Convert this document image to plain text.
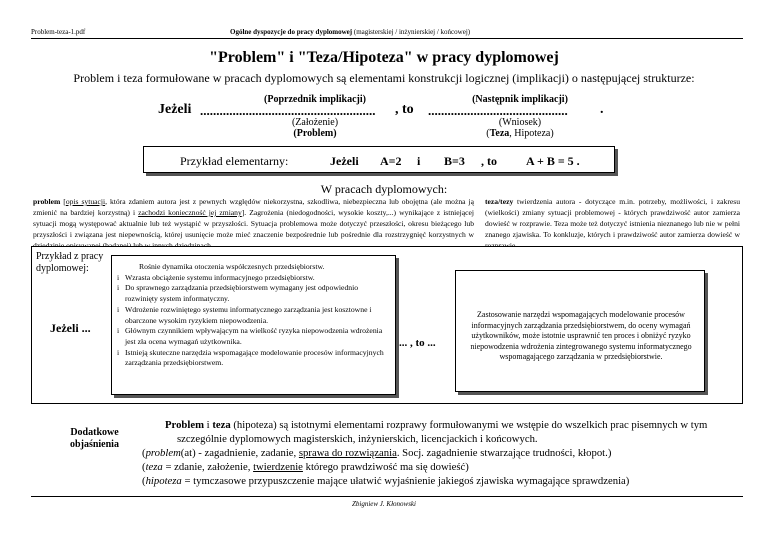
Problem-teza-1.pdf	Ogólne dyspozycje do pracy dyplomowej (magisterskiej / inżynierskiej / końcowej)
"Problem" i "Teza/Hipoteza" w pracy dyplomowej
Problem i teza formułowane w pracach dyplomowych są elementami konstrukcji logicznej (implikacji) o następującej strukturze:
(Poprzednik implikacji)	(Następnik implikacji)
Jeżeli ......................................................	, to ...........................................	.
(Założenie)
(Problem)
(Wniosek)
(Teza, Hipoteza)
Przykład elementarny:	Jeżeli A=2 i B=3 , to A + B = 5 .
W pracach dyplomowych:
problem [opis sytuacji, która zdaniem autora jest z pewnych względów niekorzystna, szkodliwa, niebezpieczna lub obojętna (ale można ją zmienić na bardziej korzystną) i zachodzi konieczność jej zmiany]. Zagrożenia (niedogodności, wysokie koszty,...) wynikające z istniejącej sytuacji mogą występować aktualnie lub też wystąpić w przyszłości. Sytuacja problemowa może dotyczyć przeszłości, okresu bieżącego lub przyszłości i związana jest niepewnością, której usunięcie może mieć znaczenie bezpośrednie lub pośrednie dla rozstrzygnięć korzystnych w
teza/tezy twierdzenia autora - dotyczące m.in. potrzeby, możliwości, i zakresu (wielkości) zmiany sytuacji problemowej - których prawdziwość autor zamierza dowieść w rozprawie. Teza może też dotyczyć istnienia nieznanego lub nie w pełni znanego zjawiska. To konkluzje, których i prawdziwość autor zamierza dowieść w
Przykład z pracy dyplomowej:
Jeżeli ...
Rośnie dynamika otoczenia współczesnych przedsiębiorstw.
i Wzrasta obciążenie systemu informacyjnego przedsiębiorstw.
i Do sprawnego zarządzania przedsiębiorstwem wymagany jest odpowiednio rozwinięty system informatyczny.
i Wdrożenie rozwiniętego systemu informatycznego zarządzania jest kosztowne i obarczone wysokim ryzykiem niepowodzenia.
i Głównym czynnikiem wpływającym na wielkość ryzyka niepowodzenia wdrożenia jest zła ocena wymagań użytkownika.
i Istnieją skuteczne narzędzia wspomagające modelowanie procesów informacyjnych zarządzania przedsiębiorstwem.
... , to ...
Zastosowanie narzędzi wspomagających modelowanie procesów informacyjnych zarządzania przedsiębiorstwem, do oceny wymagań użytkowników, może istotnie usprawnić ten proces i obniżyć ryzyko niepowodzenia wdrożenia zintegrowanego systemu informatycznego wspomagającego zarządzania w przedsiębiorstwie.
Dodatkowe objaśnienia
Problem i teza (hipoteza) są istotnymi elementami rozprawy formułowanymi we wstępie do wszelkich prac pisemnych w tym szczególnie dyplomowych magisterskich, inżynierskich, licencjackich i końcowych.
(problem(at) - zagadnienie, zadanie, sprawa do rozwiązania. Socj. zagadnienie stwarzające trudności, kłopot.)
(teza = zdanie, założenie, twierdzenie którego prawdziwość ma się dowieść)
(hipoteza = tymczasowe przypuszczenie mające ułatwić wyjaśnienie jakiegoś zjawiska wymagające sprawdzenia)
Zbigniew J. Kłonowski
